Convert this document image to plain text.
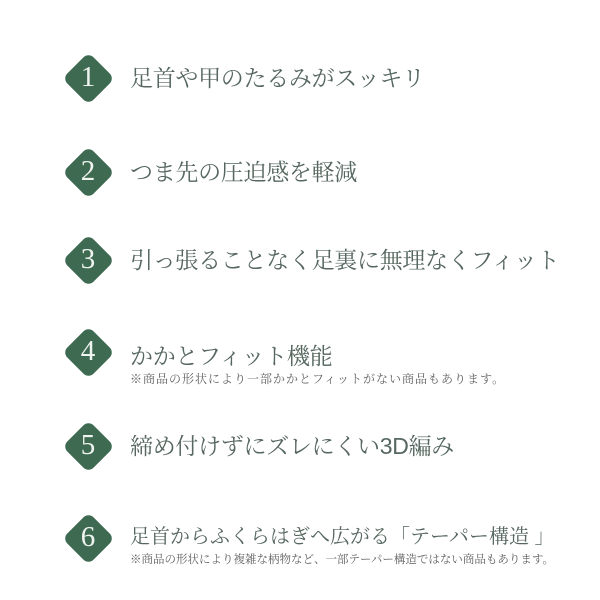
1	足首や甲のたるみがスッキリ

2	つま先の圧迫感を軽減

3	引っ張ることなく足裏に無理なくフィット

4	かかとフィット機能

※商品の形状により一部かかとフィットがない商品もあります。

5	締め付けずにズレにくい3D編み

6	足首からふくらはぎへ広がる「テーパー構造 」

※商品の形状により複雑な柄物など、一部テーパー構造ではない商品もあります。
